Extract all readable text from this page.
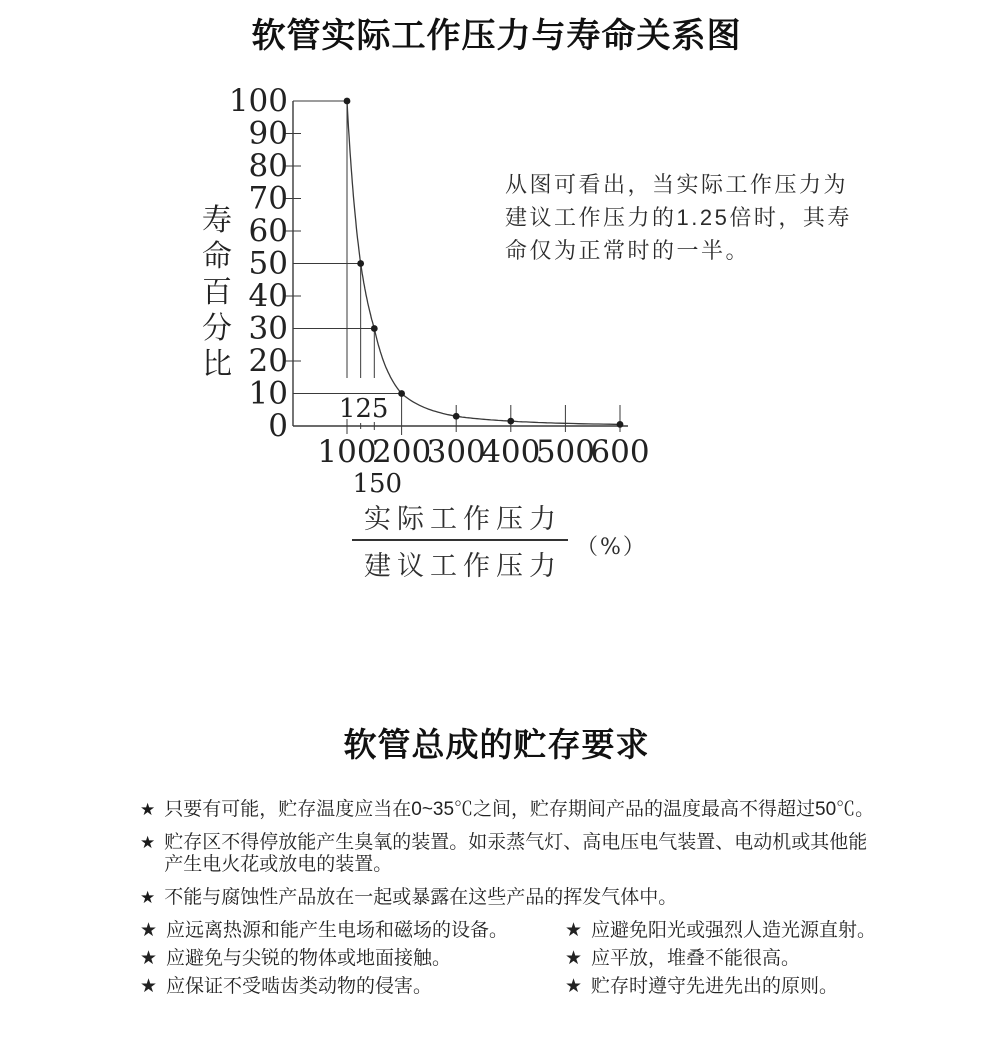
软管实际工作压力与寿命关系图
0
10
20
30
40
50
60
70
80
90
100
100
200
300
400
500
600
125
150
寿
命
百
分
比
从图可看出，当实际工作压力为
建议工作压力的1.25倍时，其寿
命仅为正常时的一半。
$\frac{\text{实际工作压力}}{\text{建议工作压力}}$ （%）
软管总成的贮存要求
★ 只要有可能，贮存温度应当在0~35℃之间，贮存期间产品的温度最高不得超过50℃。
★ 贮存区不得停放能产生臭氧的装置。如汞蒸气灯、高电压电气装置、电动机或其他能产生电火花或放电的装置。
★ 不能与腐蚀性产品放在一起或暴露在这些产品的挥发气体中。
★ 应远离热源和能产生电场和磁场的设备。	★ 应避免阳光或强烈人造光源直射。
★ 应避免与尖锐的物体或地面接触。	★ 应平放，堆叠不能很高。
★ 应保证不受啮齿类动物的侵害。	★ 贮存时遵守先进先出的原则。
